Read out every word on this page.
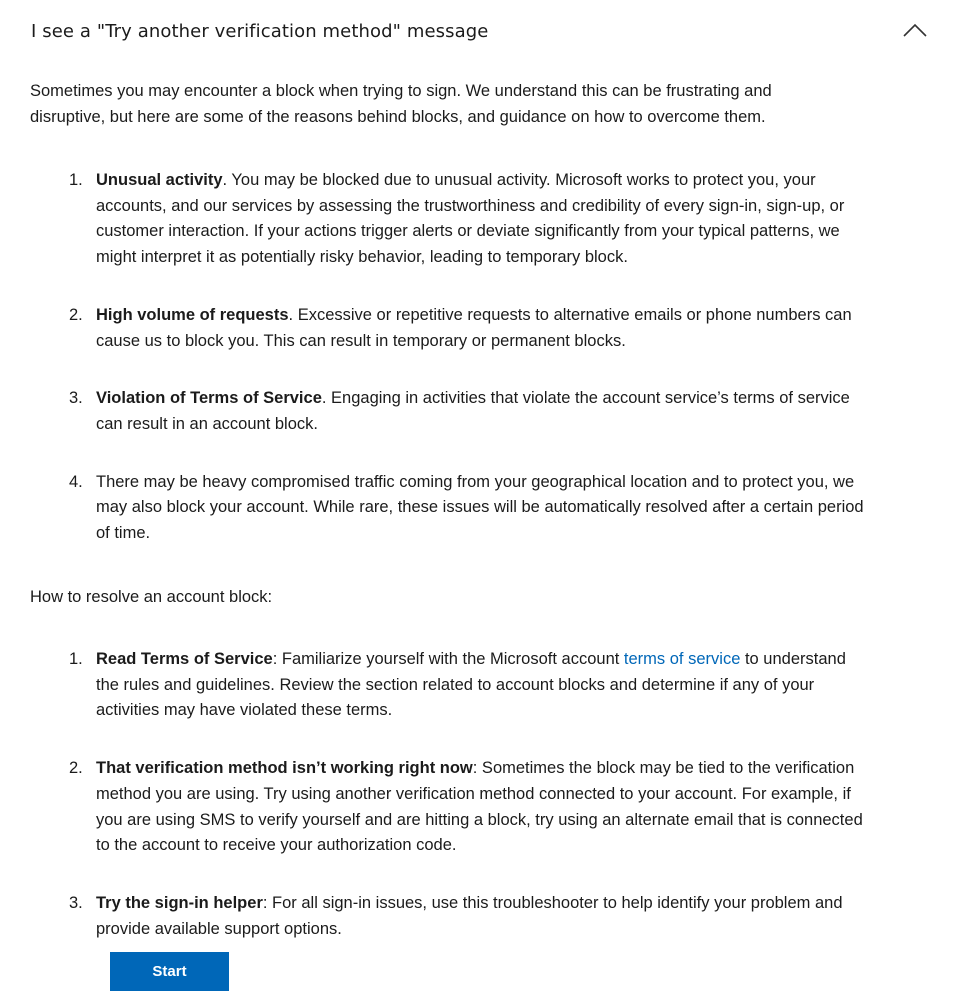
I see a "Try another verification method" message
Sometimes you may encounter a block when trying to sign. We understand this can be frustrating and disruptive, but here are some of the reasons behind blocks, and guidance on how to overcome them.
1. Unusual activity. You may be blocked due to unusual activity. Microsoft works to protect you, your accounts, and our services by assessing the trustworthiness and credibility of every sign-in, sign-up, or customer interaction. If your actions trigger alerts or deviate significantly from your typical patterns, we might interpret it as potentially risky behavior, leading to temporary block.
2. High volume of requests. Excessive or repetitive requests to alternative emails or phone numbers can cause us to block you. This can result in temporary or permanent blocks.
3. Violation of Terms of Service. Engaging in activities that violate the account service’s terms of service can result in an account block.
4. There may be heavy compromised traffic coming from your geographical location and to protect you, we may also block your account. While rare, these issues will be automatically resolved after a certain period of time.
How to resolve an account block:
1. Read Terms of Service: Familiarize yourself with the Microsoft account terms of service to understand the rules and guidelines. Review the section related to account blocks and determine if any of your activities may have violated these terms.
2. That verification method isn’t working right now: Sometimes the block may be tied to the verification method you are using. Try using another verification method connected to your account. For example, if you are using SMS to verify yourself and are hitting a block, try using an alternate email that is connected to the account to receive your authorization code.
3. Try the sign-in helper: For all sign-in issues, use this troubleshooter to help identify your problem and provide available support options.
Start
